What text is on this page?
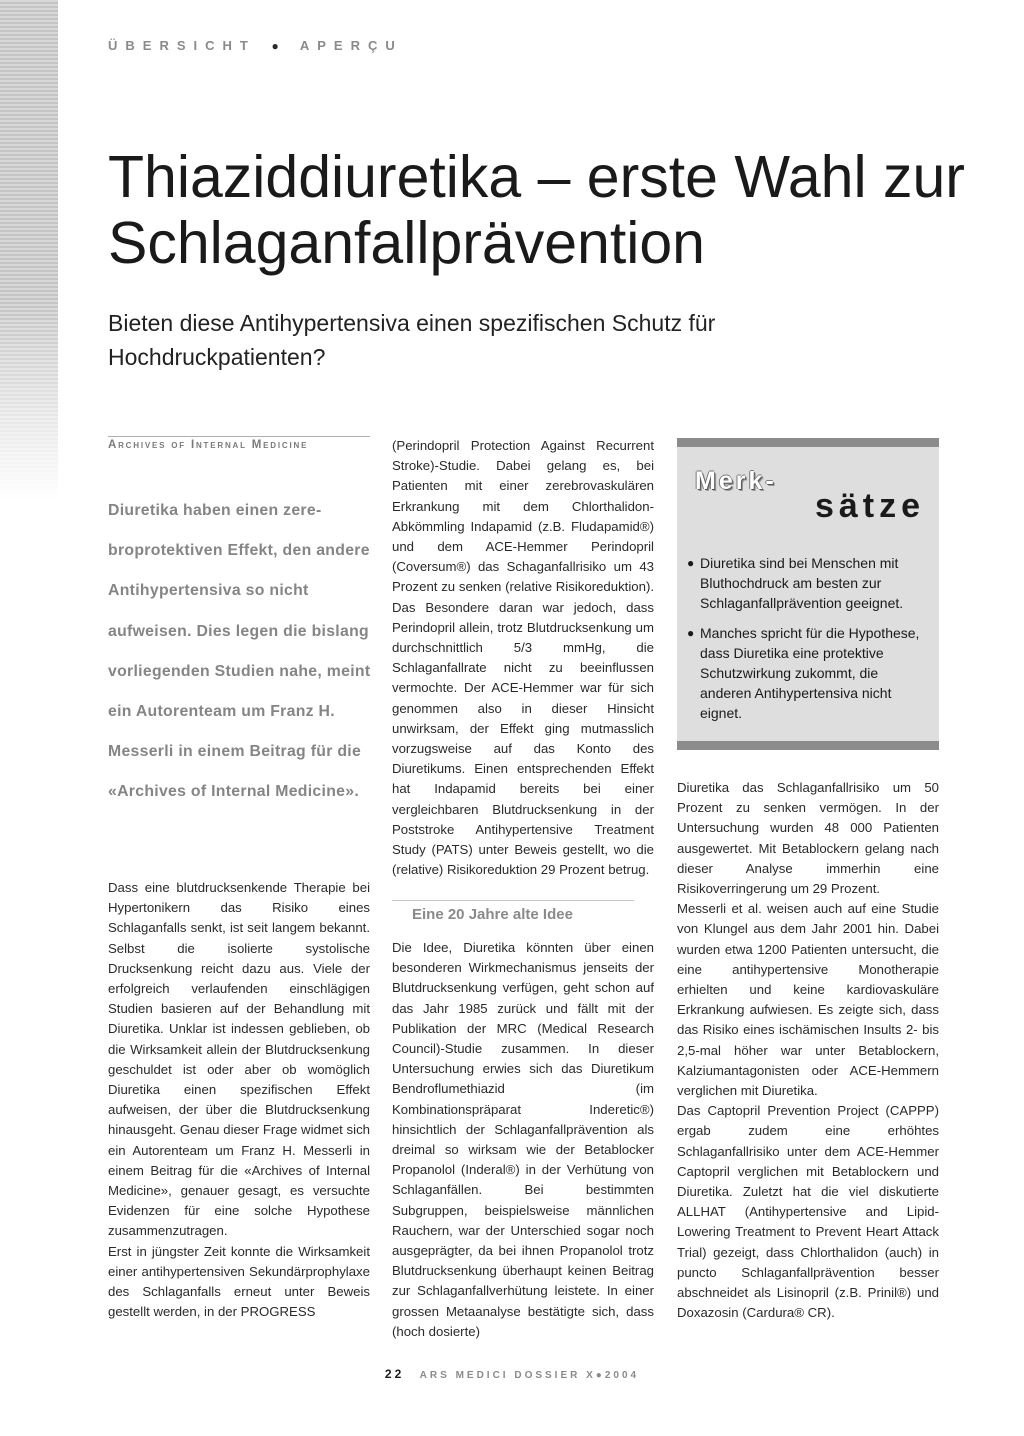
ÜBERSICHT ● APERÇU
Thiaziddiuretika – erste Wahl zur Schlaganfallprävention
Bieten diese Antihypertensiva einen spezifischen Schutz für Hochdruckpatienten?
Archives of Internal Medicine

Diuretika haben einen zerebroprotektiven Effekt, den andere Antihypertensiva so nicht aufweisen. Dies legen die bislang vorliegenden Studien nahe, meint ein Autorenteam um Franz H. Messerli in einem Beitrag für die «Archives of Internal Medicine».

Dass eine blutdrucksenkende Therapie bei Hypertonikern das Risiko eines Schlaganfalls senkt, ist seit langem bekannt. Selbst die isolierte systolische Drucksenkung reicht dazu aus. Viele der erfolgreich verlaufenden einschlägigen Studien basieren auf der Behandlung mit Diuretika. Unklar ist indessen geblieben, ob die Wirksamkeit allein der Blutdrucksenkung geschuldet ist oder aber ob womöglich Diuretika einen spezifischen Effekt aufweisen, der über die Blutdrucksenkung hinausgeht. Genau dieser Frage widmet sich ein Autorenteam um Franz H. Messerli in einem Beitrag für die «Archives of Internal Medicine», genauer gesagt, es versuchte Evidenzen für eine solche Hypothese zusammenzutragen.

Erst in jüngster Zeit konnte die Wirksamkeit einer antihypertensiven Sekundärprophylaxe des Schlaganfalls erneut unter Beweis gestellt werden, in der PROGRESS

(Perindopril Protection Against Recurrent Stroke)-Studie. Dabei gelang es, bei Patienten mit einer zerebrovaskulären Erkrankung mit dem Chlorthalidon-Abkömmling Indapamid (z.B. Fludapamid®) und dem ACE-Hemmer Perindopril (Coversum®) das Schaganfallrisiko um 43 Prozent zu senken (relative Risikoreduktion). Das Besondere daran war jedoch, dass Perindopril allein, trotz Blutdrucksenkung um durchschnittlich 5/3 mmHg, die Schlaganfallrate nicht zu beeinflussen vermochte. Der ACE-Hemmer war für sich genommen also in dieser Hinsicht unwirksam, der Effekt ging mutmasslich vorzugsweise auf das Konto des Diuretikums. Einen entsprechenden Effekt hat Indapamid bereits bei einer vergleichbaren Blutdrucksenkung in der Poststroke Antihypertensive Treatment Study (PATS) unter Beweis gestellt, wo die (relative) Risikoreduktion 29 Prozent betrug.

Eine 20 Jahre alte Idee

Die Idee, Diuretika könnten über einen besonderen Wirkmechanismus jenseits der Blutdrucksenkung verfügen, geht schon auf das Jahr 1985 zurück und fällt mit der Publikation der MRC (Medical Research Council)-Studie zusammen. In dieser Untersuchung erwies sich das Diuretikum Bendroflumethiazid (im Kombinationspräparat Inderetic®) hinsichtlich der Schlaganfallprävention als dreimal so wirksam wie der Betablocker Propanolol (Inderal®) in der Verhütung von Schlaganfällen. Bei bestimmten Subgruppen, beispielsweise männlichen Rauchern, war der Unterschied sogar noch ausgeprägter, da bei ihnen Propanolol trotz Blutdrucksenkung überhaupt keinen Beitrag zur Schlaganfallverhütung leistete. In einer grossen Metaanalyse bestätigte sich, dass (hoch dosierte)

Merk-
sätze
● Diuretika sind bei Menschen mit Bluthochdruck am besten zur Schlaganfallprävention geeignet.
● Manches spricht für die Hypothese, dass Diuretika eine protektive Schutzwirkung zukommt, die anderen Antihypertensiva nicht eignet.

Diuretika das Schlaganfallrisiko um 50 Prozent zu senken vermögen. In der Untersuchung wurden 48 000 Patienten ausgewertet. Mit Betablockern gelang nach dieser Analyse immerhin eine Risikoverringerung um 29 Prozent.

Messerli et al. weisen auch auf eine Studie von Klungel aus dem Jahr 2001 hin. Dabei wurden etwa 1200 Patienten untersucht, die eine antihypertensive Monotherapie erhielten und keine kardiovaskuläre Erkrankung aufwiesen. Es zeigte sich, dass das Risiko eines ischämischen Insults 2- bis 2,5-mal höher war unter Betablockern, Kalziumantagonisten oder ACE-Hemmern verglichen mit Diuretika.

Das Captopril Prevention Project (CAPPP) ergab zudem eine erhöhtes Schlaganfallrisiko unter dem ACE-Hemmer Captopril verglichen mit Betablockern und Diuretika. Zuletzt hat die viel diskutierte ALLHAT (Antihypertensive and Lipid-Lowering Treatment to Prevent Heart Attack Trial) gezeigt, dass Chlorthalidon (auch) in puncto Schlaganfallprävention besser abschneidet als Lisinopril (z.B. Prinil®) und Doxazosin (Cardura® CR).

22 ARS MEDICI DOSSIER X●2004
